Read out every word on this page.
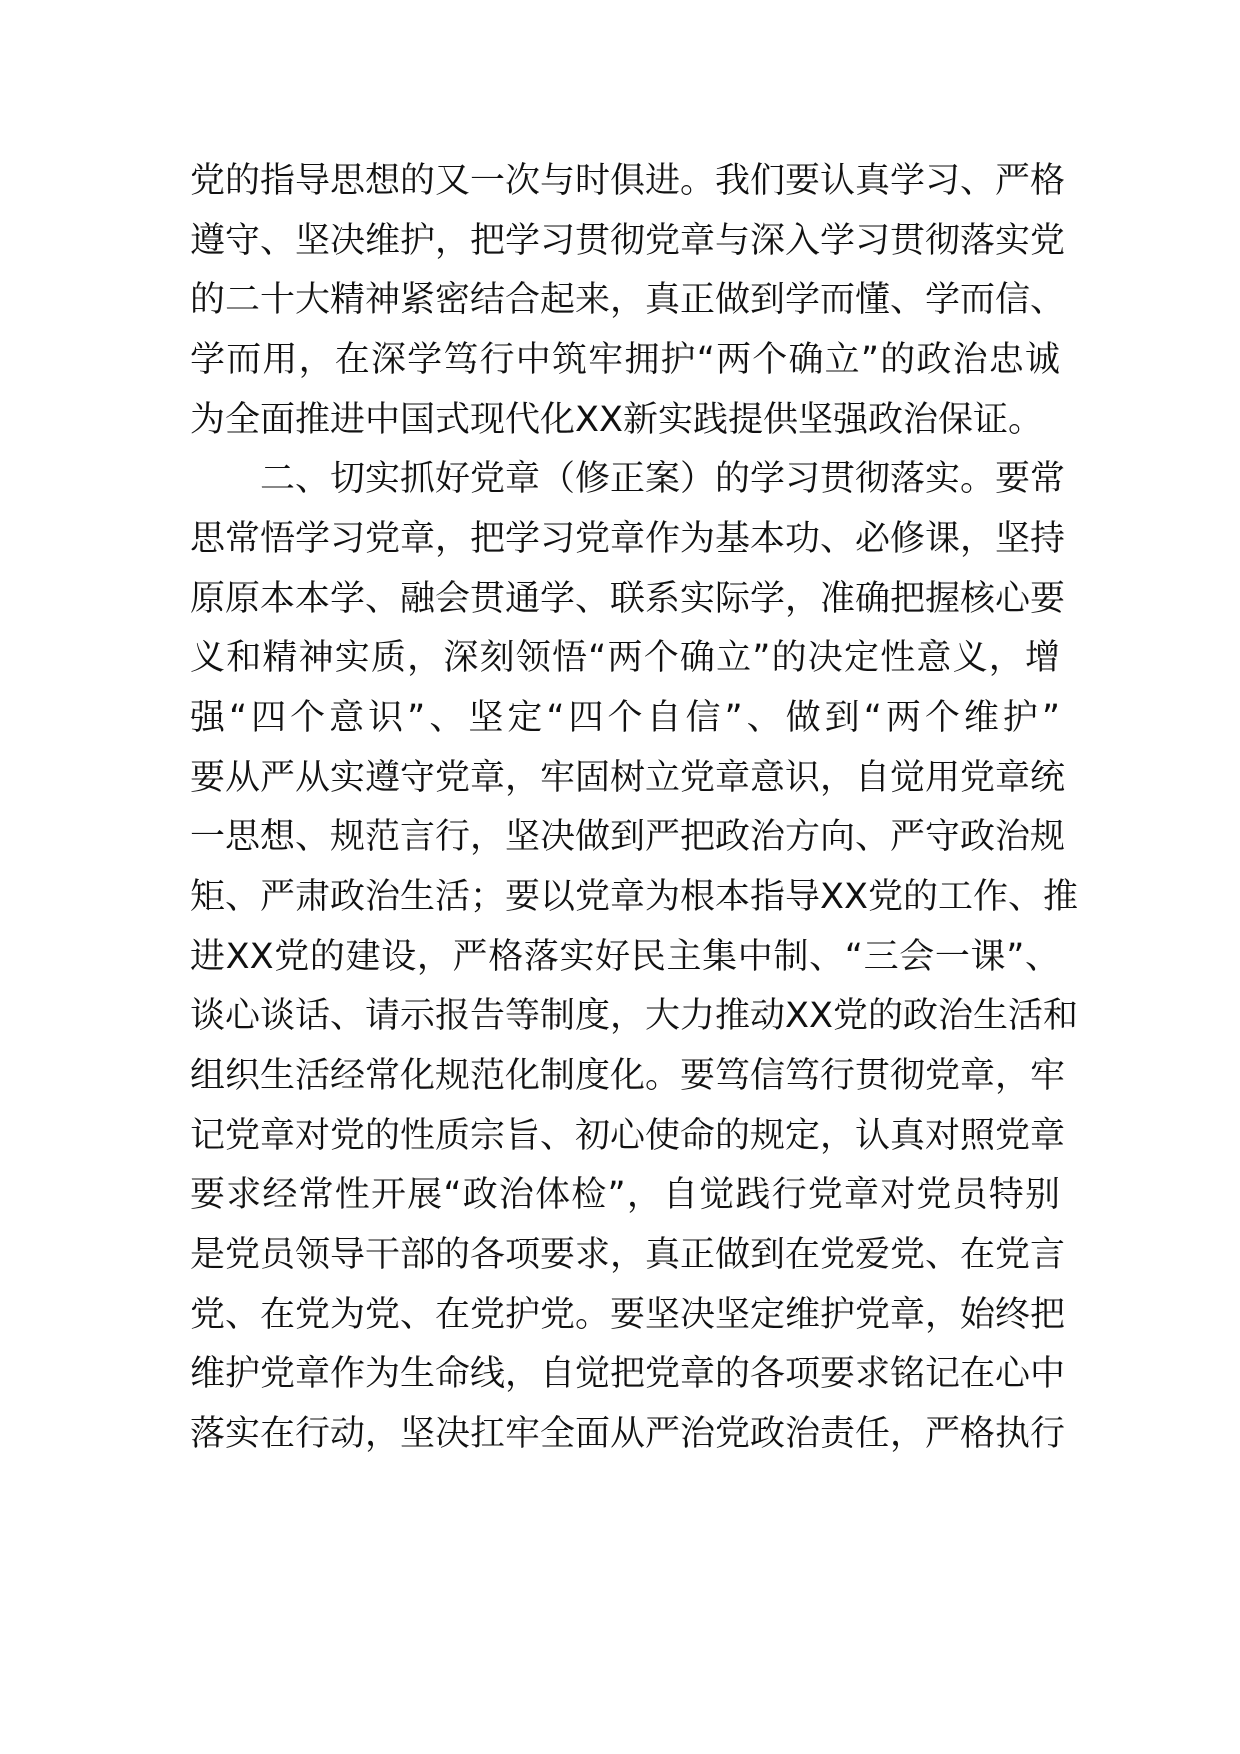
党的指导思想的又一次与时俱进。我们要认真学习、严格
遵守、坚决维护，把学习贯彻党章与深入学习贯彻落实党
的二十大精神紧密结合起来，真正做到学而懂、学而信、
学而用，在深学笃行中筑牢拥护“两个确立”的政治忠诚
为全面推进中国式现代化XX新实践提供坚强政治保证。
二、切实抓好党章（修正案）的学习贯彻落实。要常
思常悟学习党章，把学习党章作为基本功、必修课，坚持
原原本本学、融会贯通学、联系实际学，准确把握核心要
义和精神实质，深刻领悟“两个确立”的决定性意义，增
强“四个意识”、坚定“四个自信”、做到“两个维护”
要从严从实遵守党章，牢固树立党章意识，自觉用党章统
一思想、规范言行，坚决做到严把政治方向、严守政治规
矩、严肃政治生活；要以党章为根本指导XX党的工作、推
进XX党的建设，严格落实好民主集中制、“三会一课”、
谈心谈话、请示报告等制度，大力推动XX党的政治生活和
组织生活经常化规范化制度化。要笃信笃行贯彻党章，牢
记党章对党的性质宗旨、初心使命的规定，认真对照党章
要求经常性开展“政治体检”，自觉践行党章对党员特别
是党员领导干部的各项要求，真正做到在党爱党、在党言
党、在党为党、在党护党。要坚决坚定维护党章，始终把
维护党章作为生命线，自觉把党章的各项要求铭记在心中
落实在行动，坚决扛牢全面从严治党政治责任，严格执行
